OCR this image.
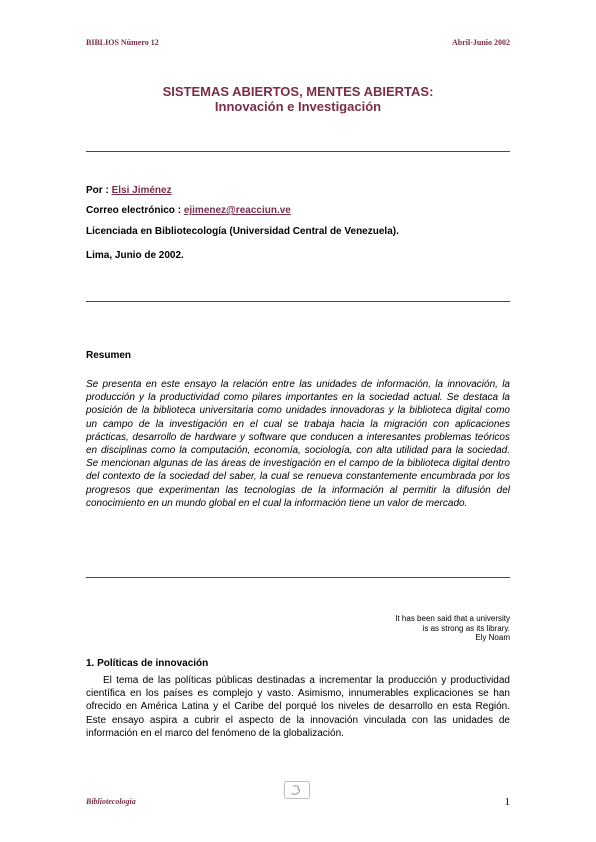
BIBLIOS Número 12	Abril-Junio 2002
SISTEMAS ABIERTOS, MENTES ABIERTAS:
Innovación e Investigación
Por : Elsi Jiménez
Correo electrónico : ejimenez@reacciun.ve
Licenciada en Bibliotecología (Universidad Central de Venezuela).
Lima, Junio de 2002.
Resumen
Se presenta en este ensayo la relación entre las unidades de información, la innovación, la producción y la productividad como pilares importantes en la sociedad actual. Se destaca la posición de la biblioteca universitaria como unidades innovadoras y la biblioteca digital como un campo de la investigación en el cual se trabaja hacia la migración con aplicaciones prácticas, desarrollo de hardware y software que conducen a interesantes problemas teóricos en disciplinas como la computación, economía, sociología, con alta utilidad para la sociedad. Se mencionan algunas de las áreas de investigación en el campo de la biblioteca digital dentro del contexto de la sociedad del saber, la cual se renueva constantemente encumbrada por los progresos que experimentan las tecnologías de la información al permitir la difusión del conocimiento en un mundo global en el cual la información tiene un valor de mercado.
It has been said that a university
is as strong as its library.
Ely Noam
1. Políticas de innovación
El tema de las políticas públicas destinadas a incrementar la producción y productividad científica en los países es complejo y vasto. Asimismo, innumerables explicaciones se han ofrecido en América Latina y el Caribe del porqué los niveles de desarrollo en esta Región. Este ensayo aspira a cubrir el aspecto de la innovación vinculada con las unidades de información en el marco del fenómeno de la globalización.
Bibliotecología	1
